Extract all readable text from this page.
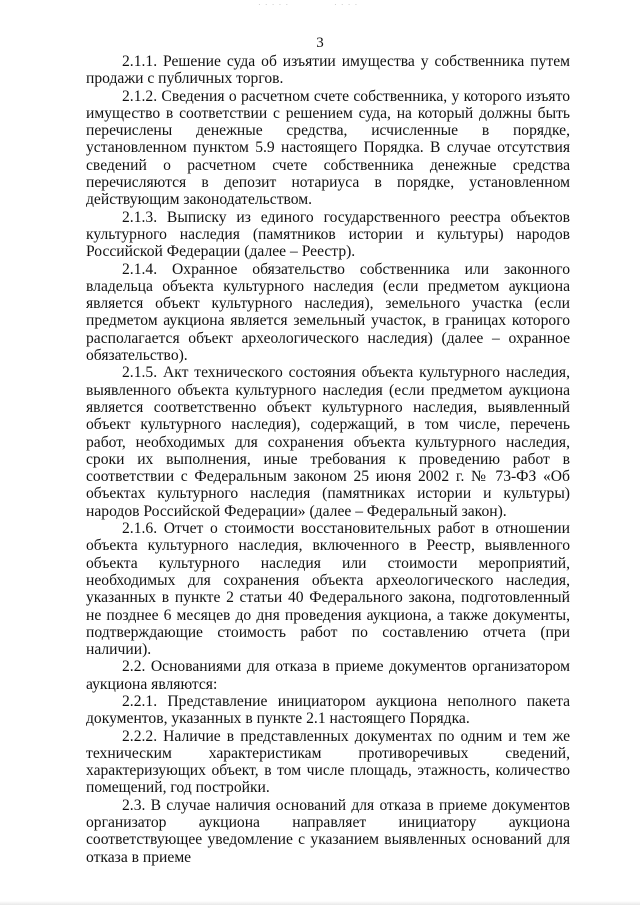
· · · · ·	· · · ·
3

2.1.1. Решение суда об изъятии имущества у собственника путем продажи с публичных торгов.

2.1.2. Сведения о расчетном счете собственника, у которого изъято имущество в соответствии с решением суда, на который должны быть перечислены денежные средства, исчисленные в порядке, установленном пунктом 5.9 настоящего Порядка. В случае отсутствия сведений о расчетном счете собственника денежные средства перечисляются в депозит нотариуса в порядке, установленном действующим законодательством.

2.1.3. Выписку из единого государственного реестра объектов культурного наследия (памятников истории и культуры) народов Российской Федерации (далее – Реестр).

2.1.4. Охранное обязательство собственника или законного владельца объекта культурного наследия (если предметом аукциона является объект культурного наследия), земельного участка (если предметом аукциона является земельный участок, в границах которого располагается объект археологического наследия) (далее – охранное обязательство).

2.1.5. Акт технического состояния объекта культурного наследия, выявленного объекта культурного наследия (если предметом аукциона является соответственно объект культурного наследия, выявленный объект культурного наследия), содержащий, в том числе, перечень работ, необходимых для сохранения объекта культурного наследия, сроки их выполнения, иные требования к проведению работ в соответствии с Федеральным законом 25 июня 2002 г. № 73-ФЗ «Об объектах культурного наследия (памятниках истории и культуры) народов Российской Федерации» (далее – Федеральный закон).

2.1.6. Отчет о стоимости восстановительных работ в отношении объекта культурного наследия, включенного в Реестр, выявленного объекта культурного наследия или стоимости мероприятий, необходимых для сохранения объекта археологического наследия, указанных в пункте 2 статьи 40 Федерального закона, подготовленный не позднее 6 месяцев до дня проведения аукциона, а также документы, подтверждающие стоимость работ по составлению отчета (при наличии).

2.2. Основаниями для отказа в приеме документов организатором аукциона являются:

2.2.1. Представление инициатором аукциона неполного пакета документов, указанных в пункте 2.1 настоящего Порядка.

2.2.2. Наличие в представленных документах по одним и тем же техническим характеристикам противоречивых сведений, характеризующих объект, в том числе площадь, этажность, количество помещений, год постройки.

2.3. В случае наличия оснований для отказа в приеме документов организатор аукциона направляет инициатору аукциона соответствующее уведомление с указанием выявленных оснований для отказа в приеме
